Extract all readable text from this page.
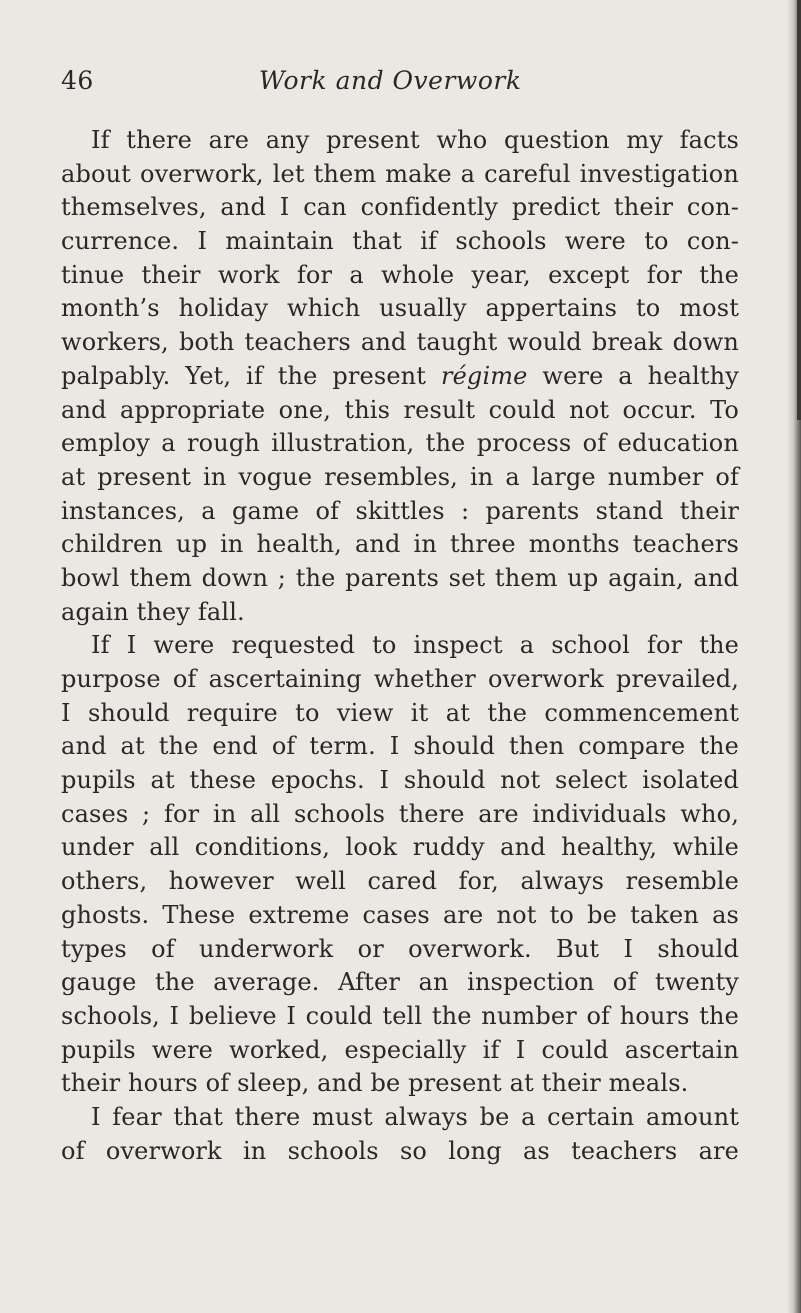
46	Work and Overwork
If there are any present who question my facts
about overwork, let them make a careful investigation
themselves, and I can confidently predict their con-
currence. I maintain that if schools were to con-
tinue their work for a whole year, except for the
month’s holiday which usually appertains to most
workers, both teachers and taught would break down
palpably. Yet, if the present régime were a healthy
and appropriate one, this result could not occur. To
employ a rough illustration, the process of education
at present in vogue resembles, in a large number of
instances, a game of skittles : parents stand their
children up in health, and in three months teachers
bowl them down ; the parents set them up again, and
again they fall.
If I were requested to inspect a school for the
purpose of ascertaining whether overwork prevailed,
I should require to view it at the commencement
and at the end of term. I should then compare the
pupils at these epochs. I should not select isolated
cases ; for in all schools there are individuals who,
under all conditions, look ruddy and healthy, while
others, however well cared for, always resemble
ghosts. These extreme cases are not to be taken as
types of underwork or overwork. But I should
gauge the average. After an inspection of twenty
schools, I believe I could tell the number of hours the
pupils were worked, especially if I could ascertain
their hours of sleep, and be present at their meals.
I fear that there must always be a certain amount
of overwork in schools so long as teachers are
